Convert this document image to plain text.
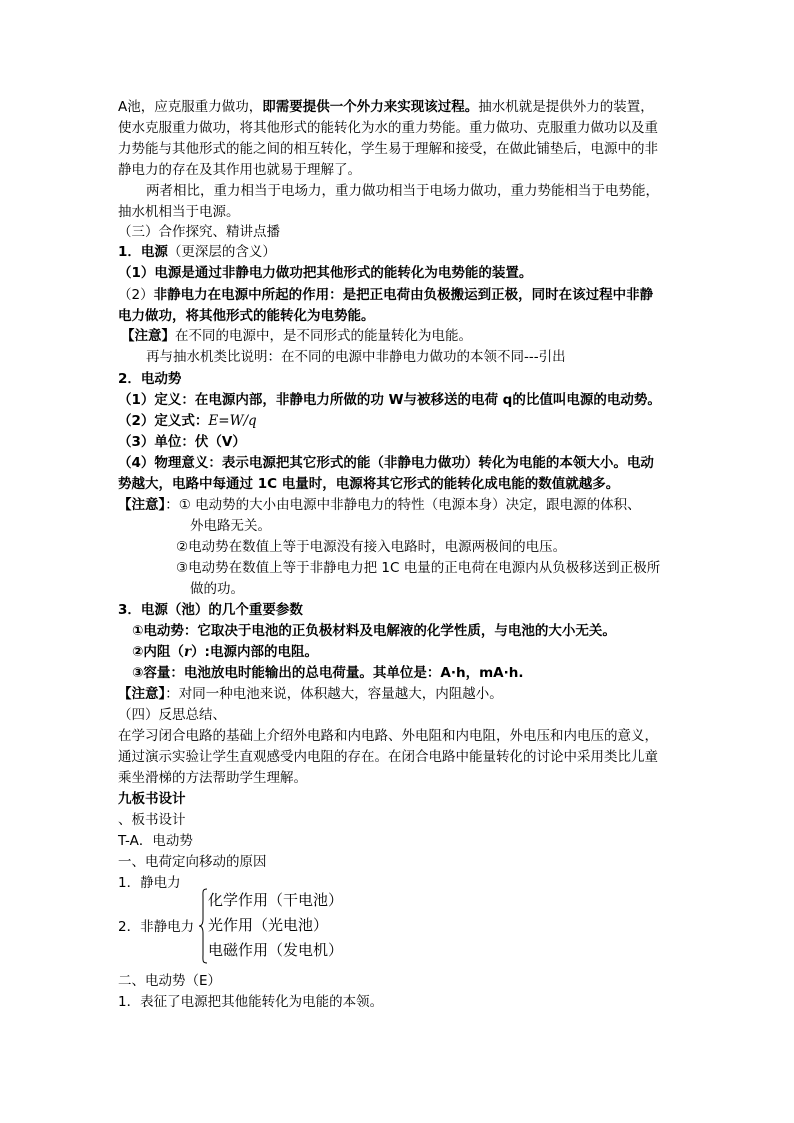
A池，应克服重力做功，即需要提供一个外力来实现该过程。抽水机就是提供外力的装置，
使水克服重力做功，将其他形式的能转化为水的重力势能。重力做功、克服重力做功以及重
力势能与其他形式的能之间的相互转化，学生易于理解和接受，在做此铺垫后，电源中的非
静电力的存在及其作用也就易于理解了。
两者相比，重力相当于电场力，重力做功相当于电场力做功，重力势能相当于电势能，
抽水机相当于电源。
（三）合作探究、精讲点播
1．电源（更深层的含义）
（1）电源是通过非静电力做功把其他形式的能转化为电势能的装置。
（2）非静电力在电源中所起的作用：是把正电荷由负极搬运到正极，同时在该过程中非静
电力做功，将其他形式的能转化为电势能。
【注意】在不同的电源中，是不同形式的能量转化为电能。
再与抽水机类比说明：在不同的电源中非静电力做功的本领不同---引出
2．电动势
（1）定义：在电源内部，非静电力所做的功 W与被移送的电荷 q的比值叫电源的电动势。
（2）定义式：E=W/q
（3）单位：伏（V）
（4）物理意义：表示电源把其它形式的能（非静电力做功）转化为电能的本领大小。电动
势越大，电路中每通过 1C 电量时，电源将其它形式的能转化成电能的数值就越多。
【注意】：① 电动势的大小由电源中非静电力的特性（电源本身）决定，跟电源的体积、
外电路无关。
②电动势在数值上等于电源没有接入电路时，电源两极间的电压。
③电动势在数值上等于非静电力把 1C 电量的正电荷在电源内从负极移送到正极所
做的功。
3．电源（池）的几个重要参数
①电动势：它取决于电池的正负极材料及电解液的化学性质，与电池的大小无关。
②内阻（r）:电源内部的电阻。
③容量：电池放电时能输出的总电荷量。其单位是：A·h，mA·h.
【注意】：对同一种电池来说，体积越大，容量越大，内阻越小。
（四）反思总结、
在学习闭合电路的基础上介绍外电路和内电路、外电阻和内电阻，外电压和内电压的意义，
通过演示实验让学生直观感受内电阻的存在。在闭合电路中能量转化的讨论中采用类比儿童
乘坐滑梯的方法帮助学生理解。
九板书设计
、板书设计
T-A．电动势
一、电荷定向移动的原因
1．静电力
2．非静电力
化学作用（干电池）
光作用（光电池）
电磁作用（发电机）
二、电动势（E）
1．表征了电源把其他能转化为电能的本领。
